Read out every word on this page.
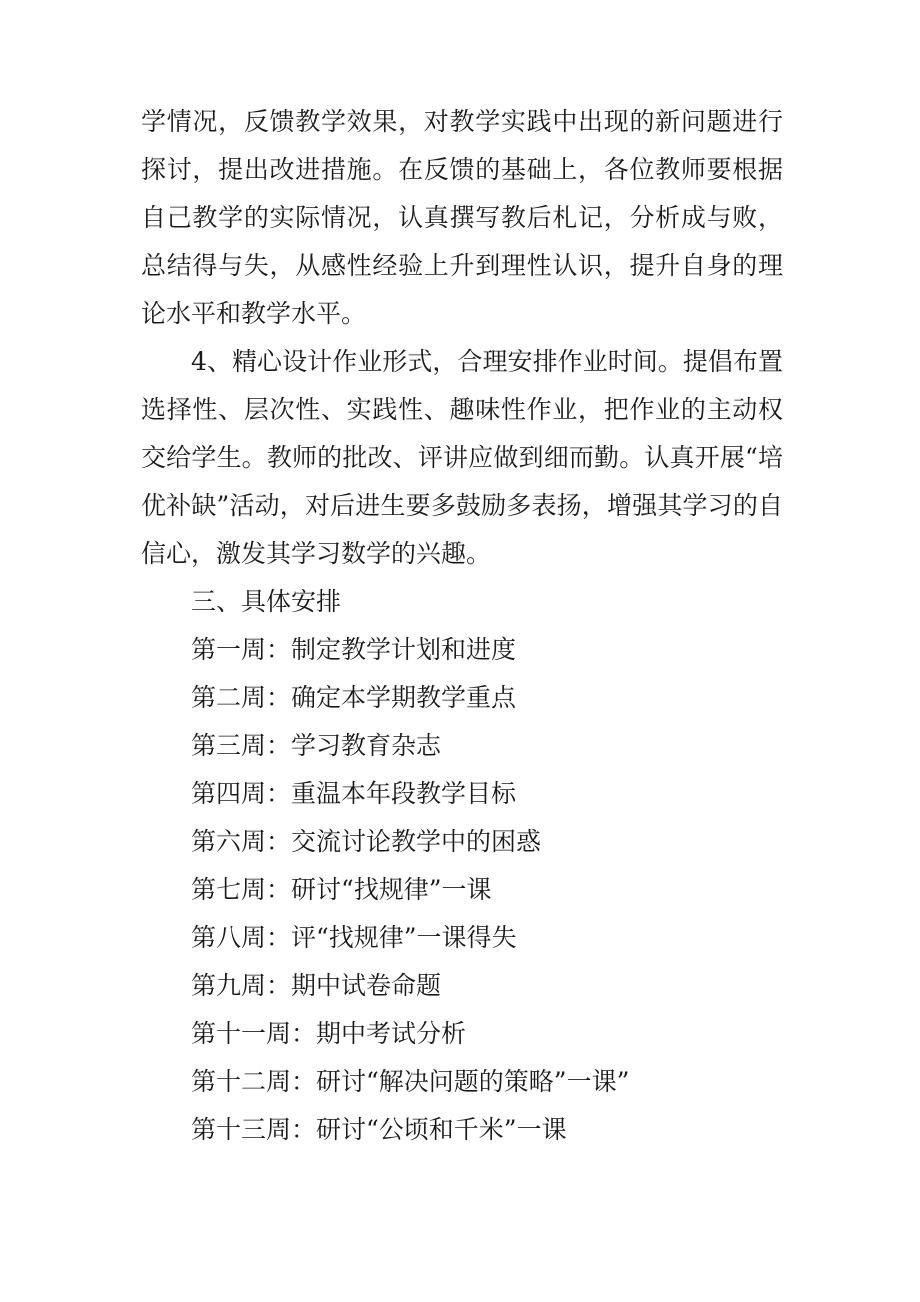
学情况，反馈教学效果，对教学实践中出现的新问题进行探讨，提出改进措施。在反馈的基础上，各位教师要根据自己教学的实际情况，认真撰写教后札记，分析成与败，总结得与失，从感性经验上升到理性认识，提升自身的理论水平和教学水平。

4、精心设计作业形式，合理安排作业时间。提倡布置选择性、层次性、实践性、趣味性作业，把作业的主动权交给学生。教师的批改、评讲应做到细而勤。认真开展“培优补缺”活动，对后进生要多鼓励多表扬，增强其学习的自信心，激发其学习数学的兴趣。

三、具体安排

第一周：制定教学计划和进度

第二周：确定本学期教学重点

第三周：学习教育杂志

第四周：重温本年段教学目标

第六周：交流讨论教学中的困惑

第七周：研讨“找规律”一课

第八周：评“找规律”一课得失

第九周：期中试卷命题

第十一周：期中考试分析

第十二周：研讨“解决问题的策略”一课”

第十三周：研讨“公顷和千米”一课
